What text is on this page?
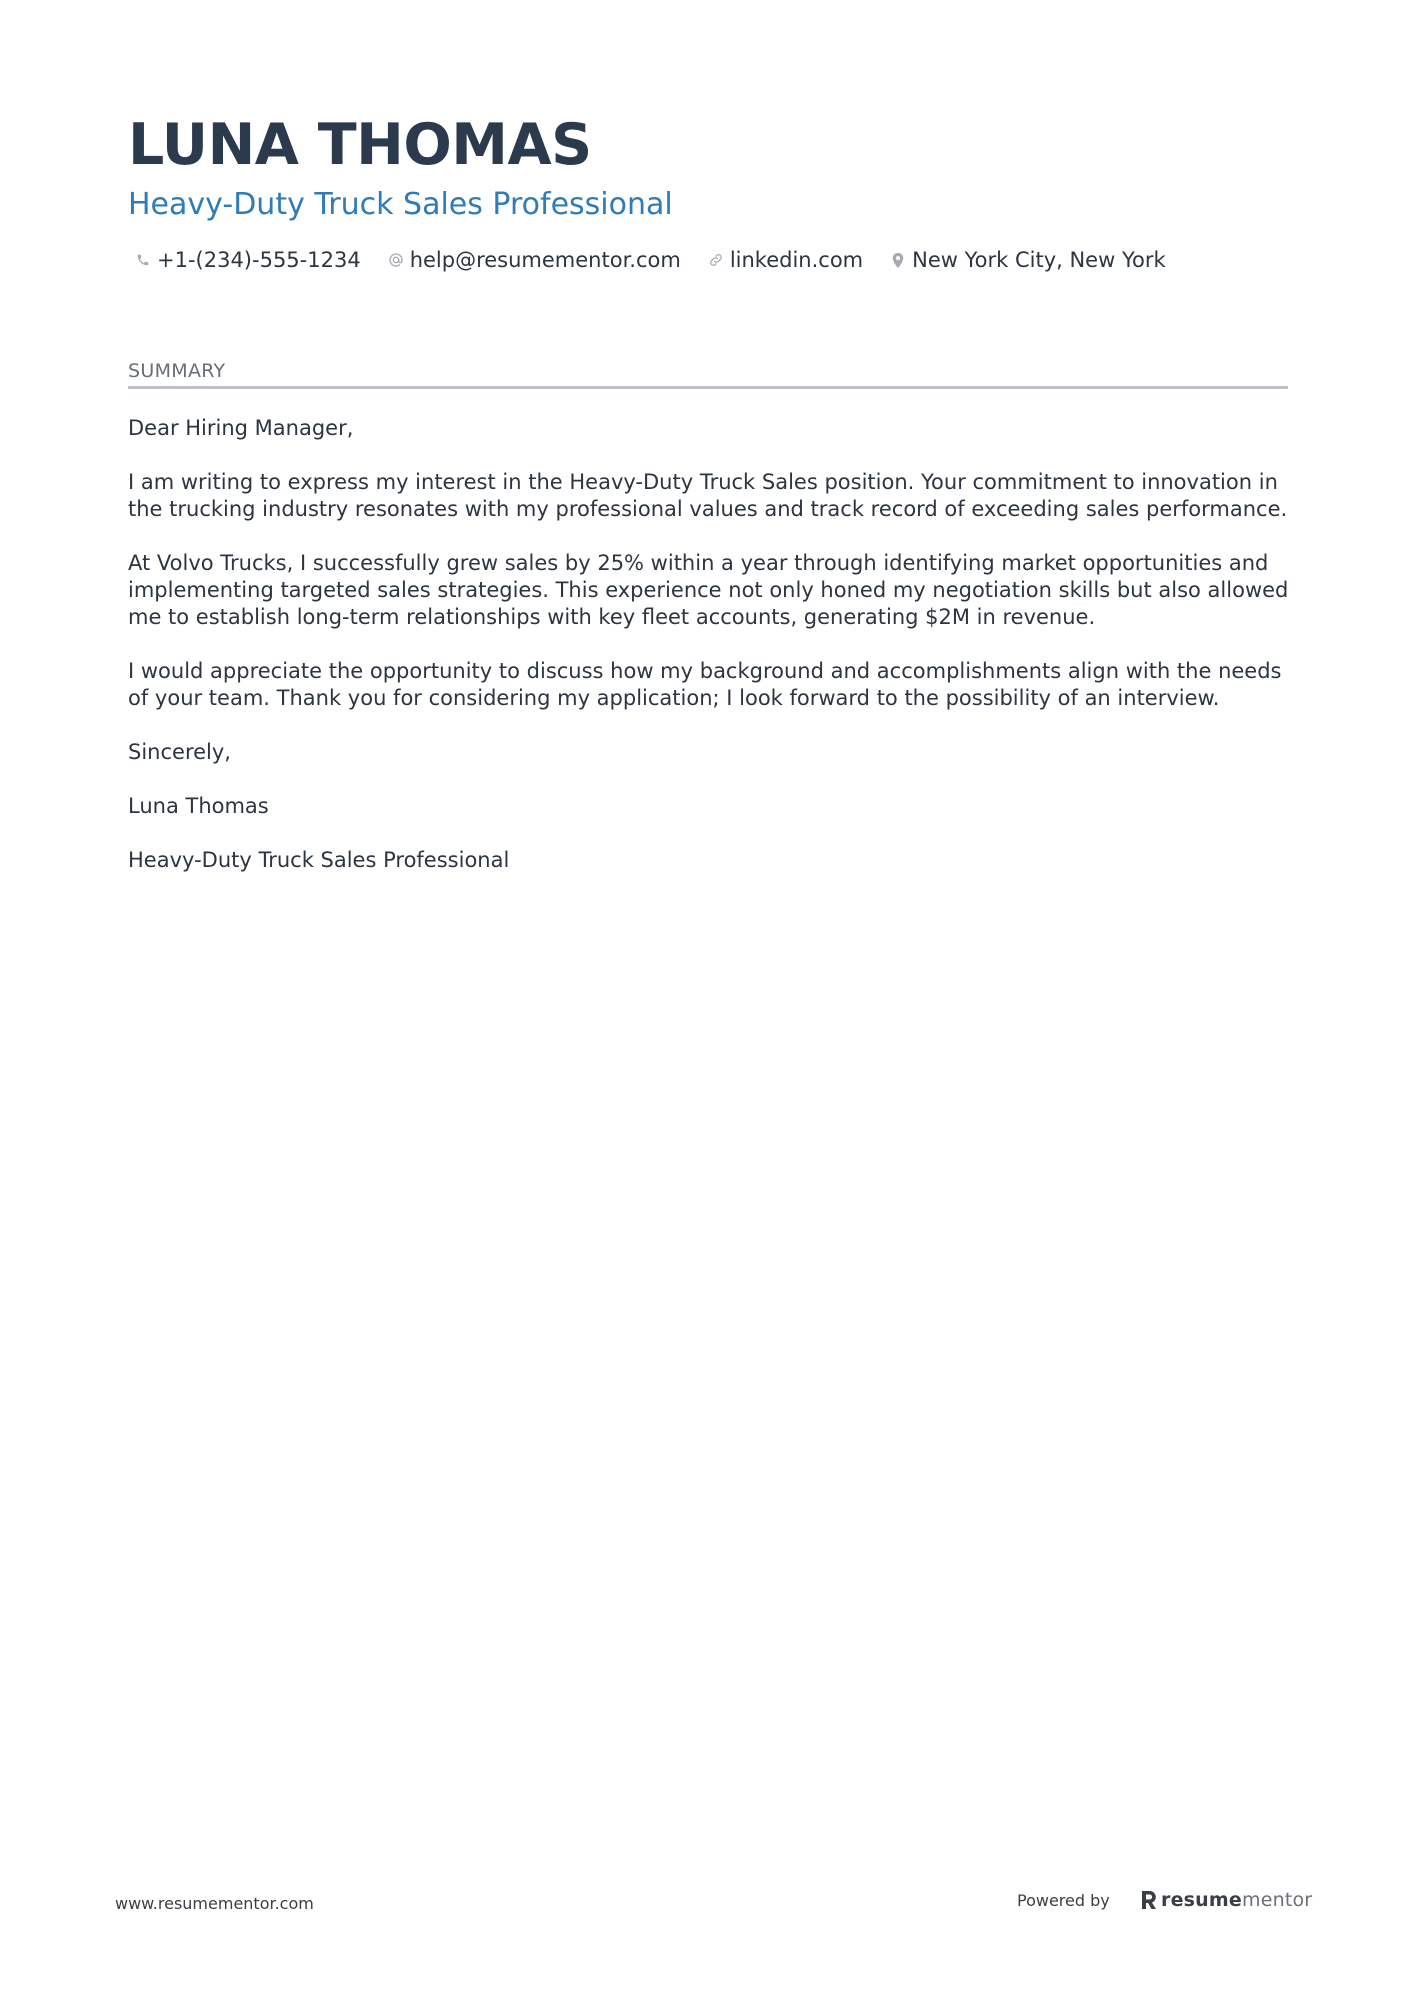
LUNA THOMAS
Heavy-Duty Truck Sales Professional
+1-(234)-555-1234 help@resumementor.com linkedin.com New York City, New York
SUMMARY

Dear Hiring Manager,

I am writing to express my interest in the Heavy-Duty Truck Sales position. Your commitment to innovation in the trucking industry resonates with my professional values and track record of exceeding sales performance.

At Volvo Trucks, I successfully grew sales by 25% within a year through identifying market opportunities and implementing targeted sales strategies. This experience not only honed my negotiation skills but also allowed me to establish long-term relationships with key fleet accounts, generating $2M in revenue.

I would appreciate the opportunity to discuss how my background and accomplishments align with the needs of your team. Thank you for considering my application; I look forward to the possibility of an interview.

Sincerely,

Luna Thomas

Heavy-Duty Truck Sales Professional

www.resumementor.com	Powered by	resumementor
